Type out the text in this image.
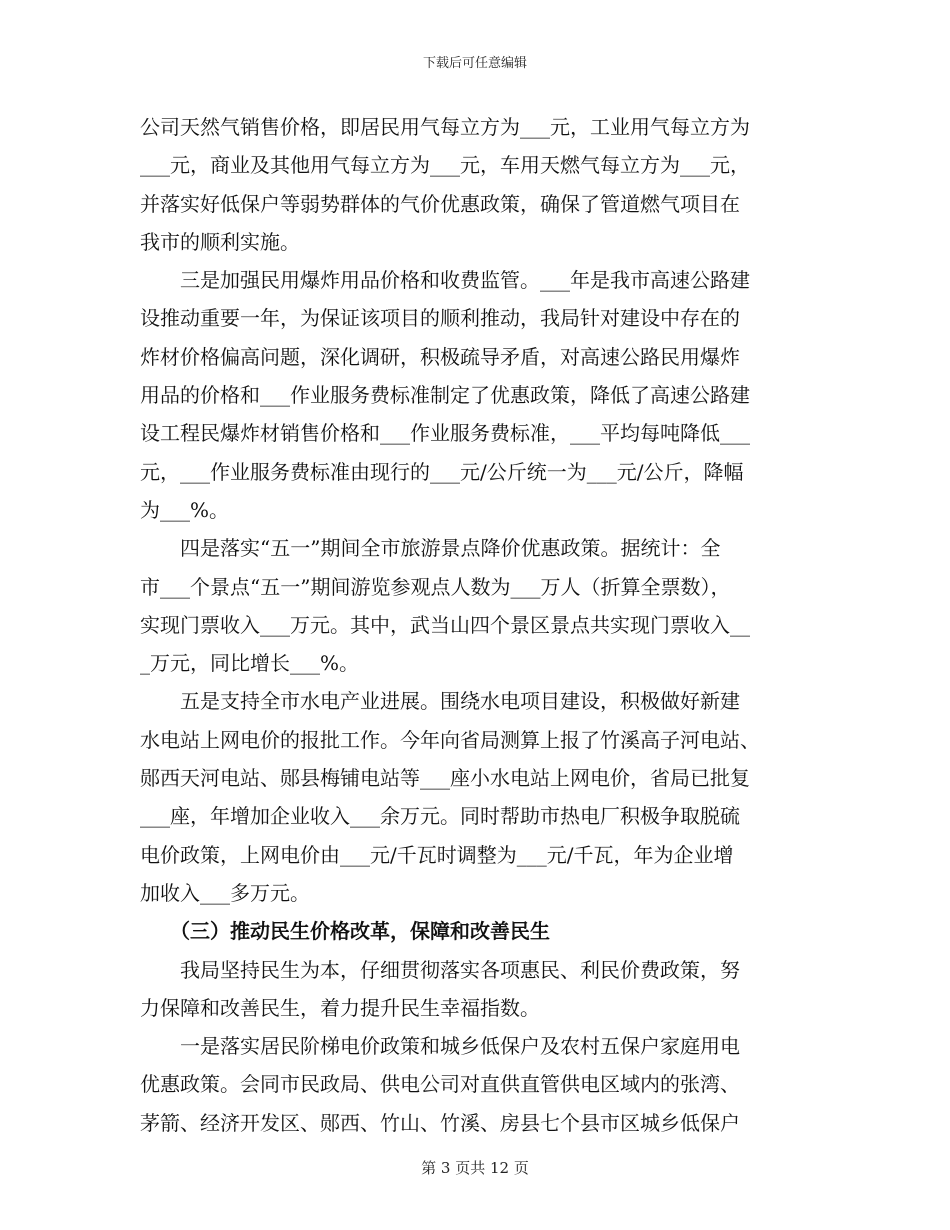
下载后可任意编辑
公司天然气销售价格，即居民用气每立方为___元，工业用气每立方为
___元，商业及其他用气每立方为___元，车用天燃气每立方为___元，
并落实好低保户等弱势群体的气价优惠政策，确保了管道燃气项目在
我市的顺利实施。
　　三是加强民用爆炸用品价格和收费监管。___年是我市高速公路建
设推动重要一年，为保证该项目的顺利推动，我局针对建设中存在的
炸材价格偏高问题，深化调研，积极疏导矛盾，对高速公路民用爆炸
用品的价格和___作业服务费标准制定了优惠政策，降低了高速公路建
设工程民爆炸材销售价格和___作业服务费标准，___平均每吨降低___
元，___作业服务费标准由现行的___元/公斤统一为___元/公斤，降幅
为___%。
　　四是落实“五一”期间全市旅游景点降价优惠政策。据统计：全
市___个景点“五一”期间游览参观点人数为___万人（折算全票数），
实现门票收入___万元。其中，武当山四个景区景点共实现门票收入__
_万元，同比增长___%。
　　五是支持全市水电产业进展。围绕水电项目建设，积极做好新建
水电站上网电价的报批工作。今年向省局测算上报了竹溪高子河电站、
郧西天河电站、郧县梅铺电站等___座小水电站上网电价，省局已批复
___座，年增加企业收入___余万元。同时帮助市热电厂积极争取脱硫
电价政策，上网电价由___元/千瓦时调整为___元/千瓦，年为企业增
加收入___多万元。
　　（三）推动民生价格改革，保障和改善民生
　　我局坚持民生为本，仔细贯彻落实各项惠民、利民价费政策，努
力保障和改善民生，着力提升民生幸福指数。
　　一是落实居民阶梯电价政策和城乡低保户及农村五保户家庭用电
优惠政策。会同市民政局、供电公司对直供直管供电区域内的张湾、
茅箭、经济开发区、郧西、竹山、竹溪、房县七个县市区城乡低保户
第 3 页共 12 页
